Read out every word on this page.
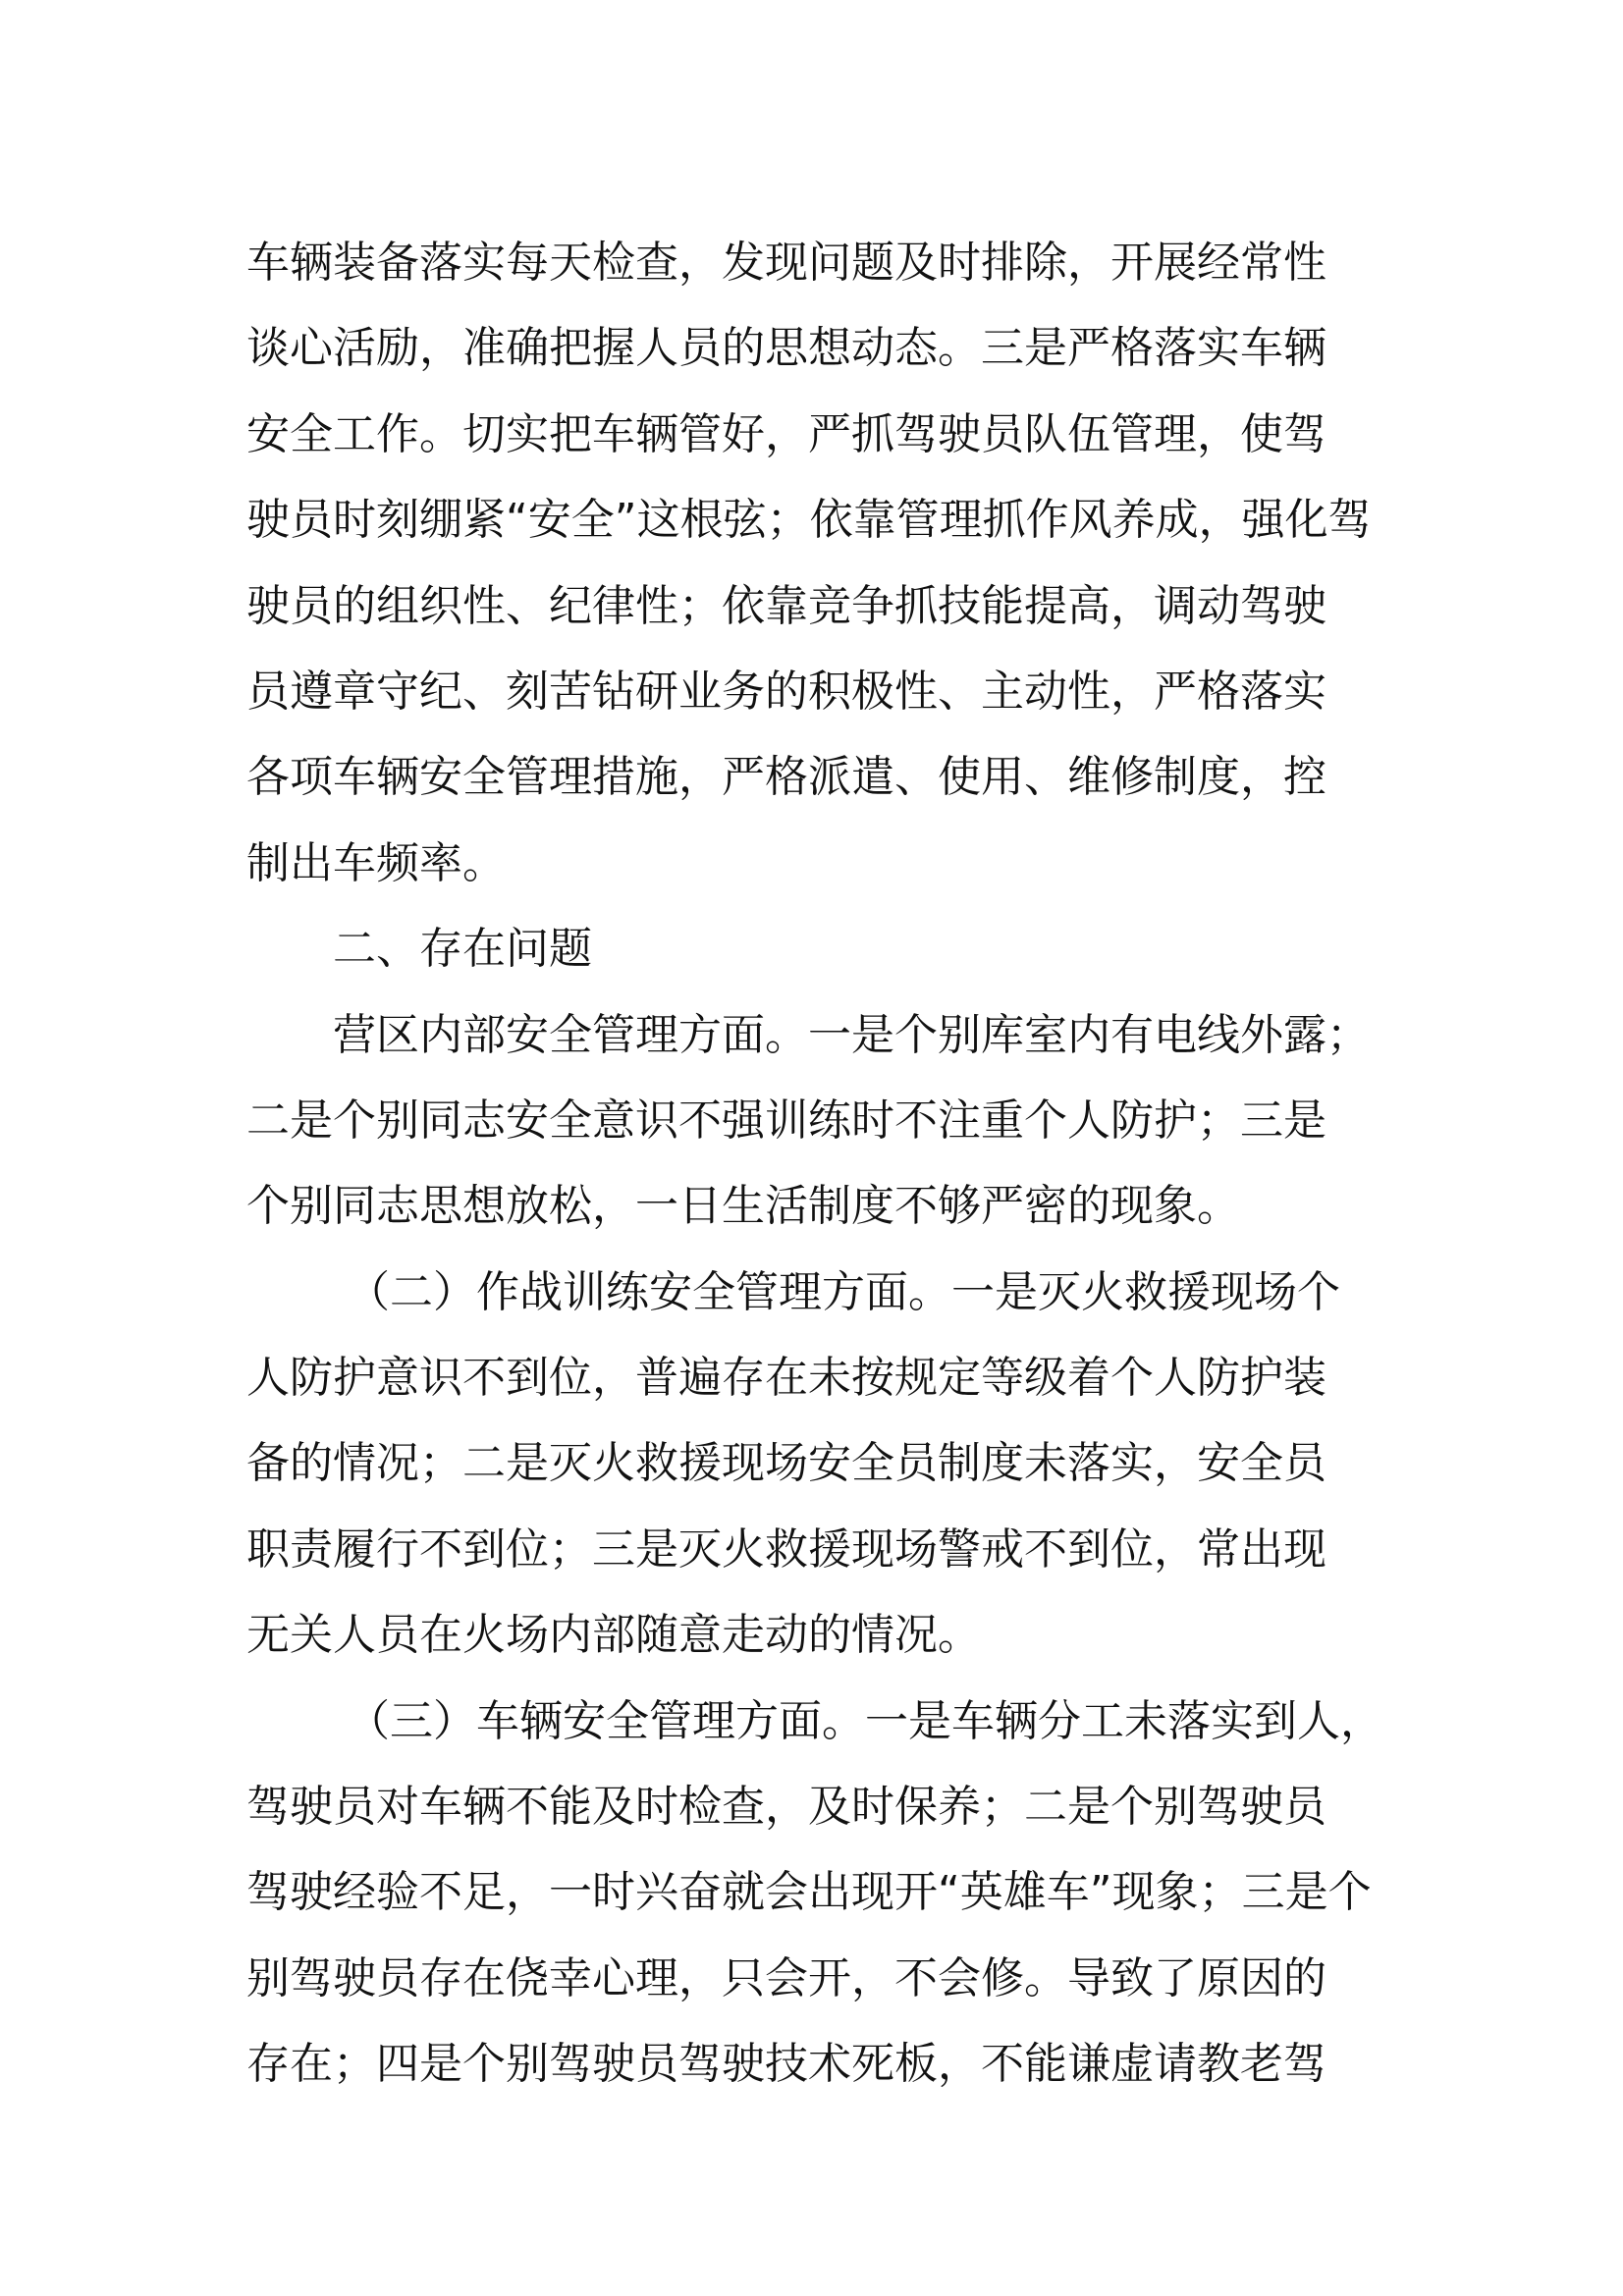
车辆装备落实每天检查，发现问题及时排除，开展经常性
谈心活励，准确把握人员的思想动态。三是严格落实车辆
安全工作。切实把车辆管好，严抓驾驶员队伍管理，使驾
驶员时刻绷紧“安全”这根弦；依靠管理抓作风养成，强化驾
驶员的组织性、纪律性；依靠竞争抓技能提高，调动驾驶
员遵章守纪、刻苦钻研业务的积极性、主动性，严格落实
各项车辆安全管理措施，严格派遣、使用、维修制度，控
制出车频率。
二、存在问题
营区内部安全管理方面。一是个别库室内有电线外露；
二是个别同志安全意识不强训练时不注重个人防护；三是
个别同志思想放松，一日生活制度不够严密的现象。
（二）作战训练安全管理方面。一是灭火救援现场个
人防护意识不到位，普遍存在未按规定等级着个人防护装
备的情况；二是灭火救援现场安全员制度未落实，安全员
职责履行不到位；三是灭火救援现场警戒不到位，常出现
无关人员在火场内部随意走动的情况。
（三）车辆安全管理方面。一是车辆分工未落实到人，
驾驶员对车辆不能及时检查，及时保养；二是个别驾驶员
驾驶经验不足，一时兴奋就会出现开“英雄车”现象；三是个
别驾驶员存在侥幸心理，只会开，不会修。导致了原因的
存在；四是个别驾驶员驾驶技术死板，不能谦虚请教老驾
